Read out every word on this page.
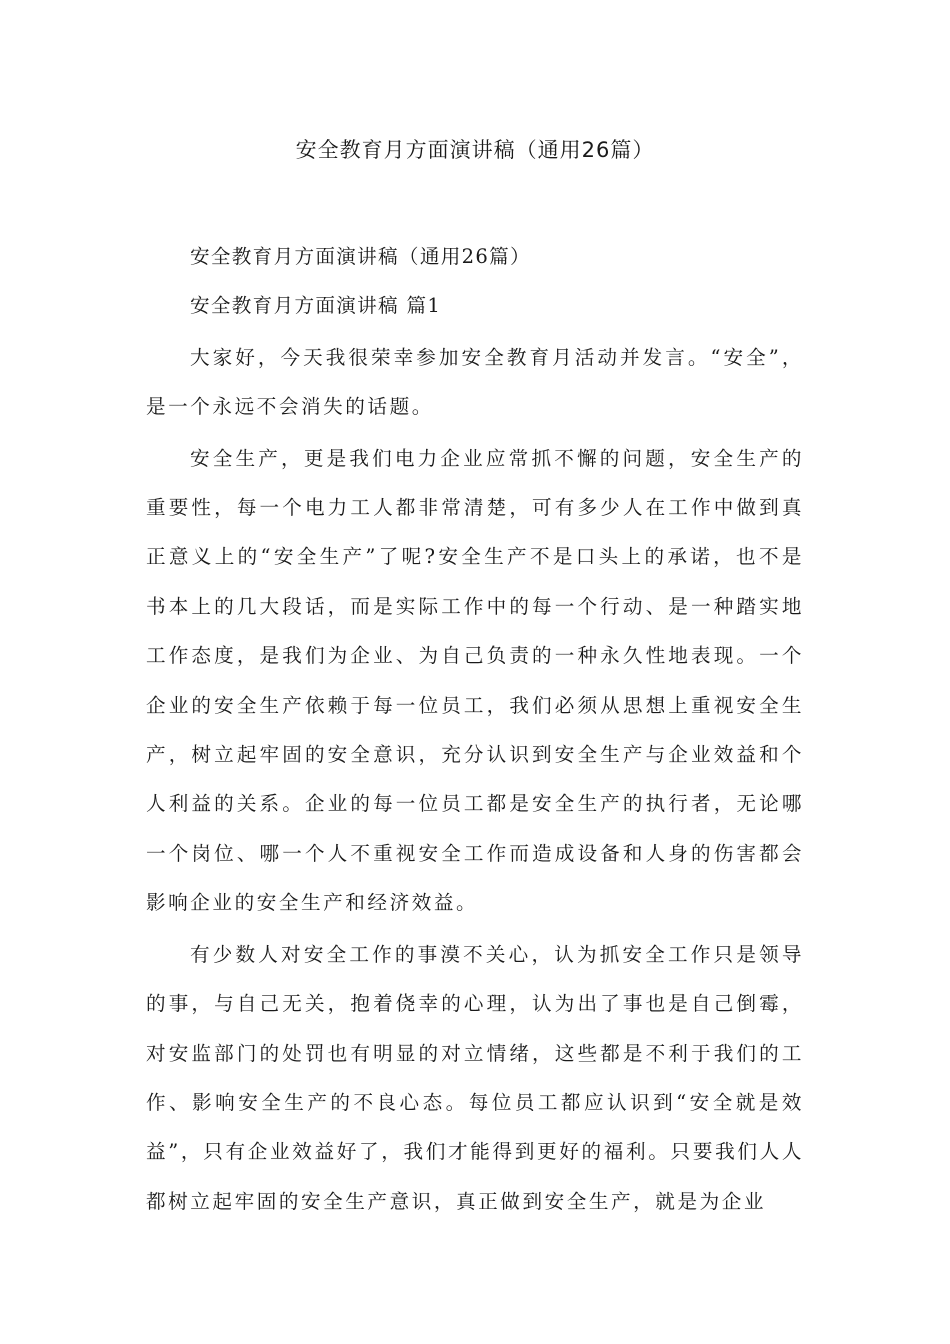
安全教育月方面演讲稿（通用26篇）

安全教育月方面演讲稿（通用26篇）

安全教育月方面演讲稿 篇1

大家好，今天我很荣幸参加安全教育月活动并发言。“安全”，是一个永远不会消失的话题。

安全生产，更是我们电力企业应常抓不懈的问题，安全生产的重要性，每一个电力工人都非常清楚，可有多少人在工作中做到真正意义上的“安全生产”了呢?安全生产不是口头上的承诺，也不是书本上的几大段话，而是实际工作中的每一个行动、是一种踏实地工作态度，是我们为企业、为自己负责的一种永久性地表现。一个企业的安全生产依赖于每一位员工，我们必须从思想上重视安全生产，树立起牢固的安全意识，充分认识到安全生产与企业效益和个人利益的关系。企业的每一位员工都是安全生产的执行者，无论哪一个岗位、哪一个人不重视安全工作而造成设备和人身的伤害都会影响企业的安全生产和经济效益。

有少数人对安全工作的事漠不关心，认为抓安全工作只是领导的事，与自己无关，抱着侥幸的心理，认为出了事也是自己倒霉，对安监部门的处罚也有明显的对立情绪，这些都是不利于我们的工作、影响安全生产的不良心态。每位员工都应认识到“安全就是效益”，只有企业效益好了，我们才能得到更好的福利。只要我们人人都树立起牢固的安全生产意识，真正做到安全生产，就是为企业
